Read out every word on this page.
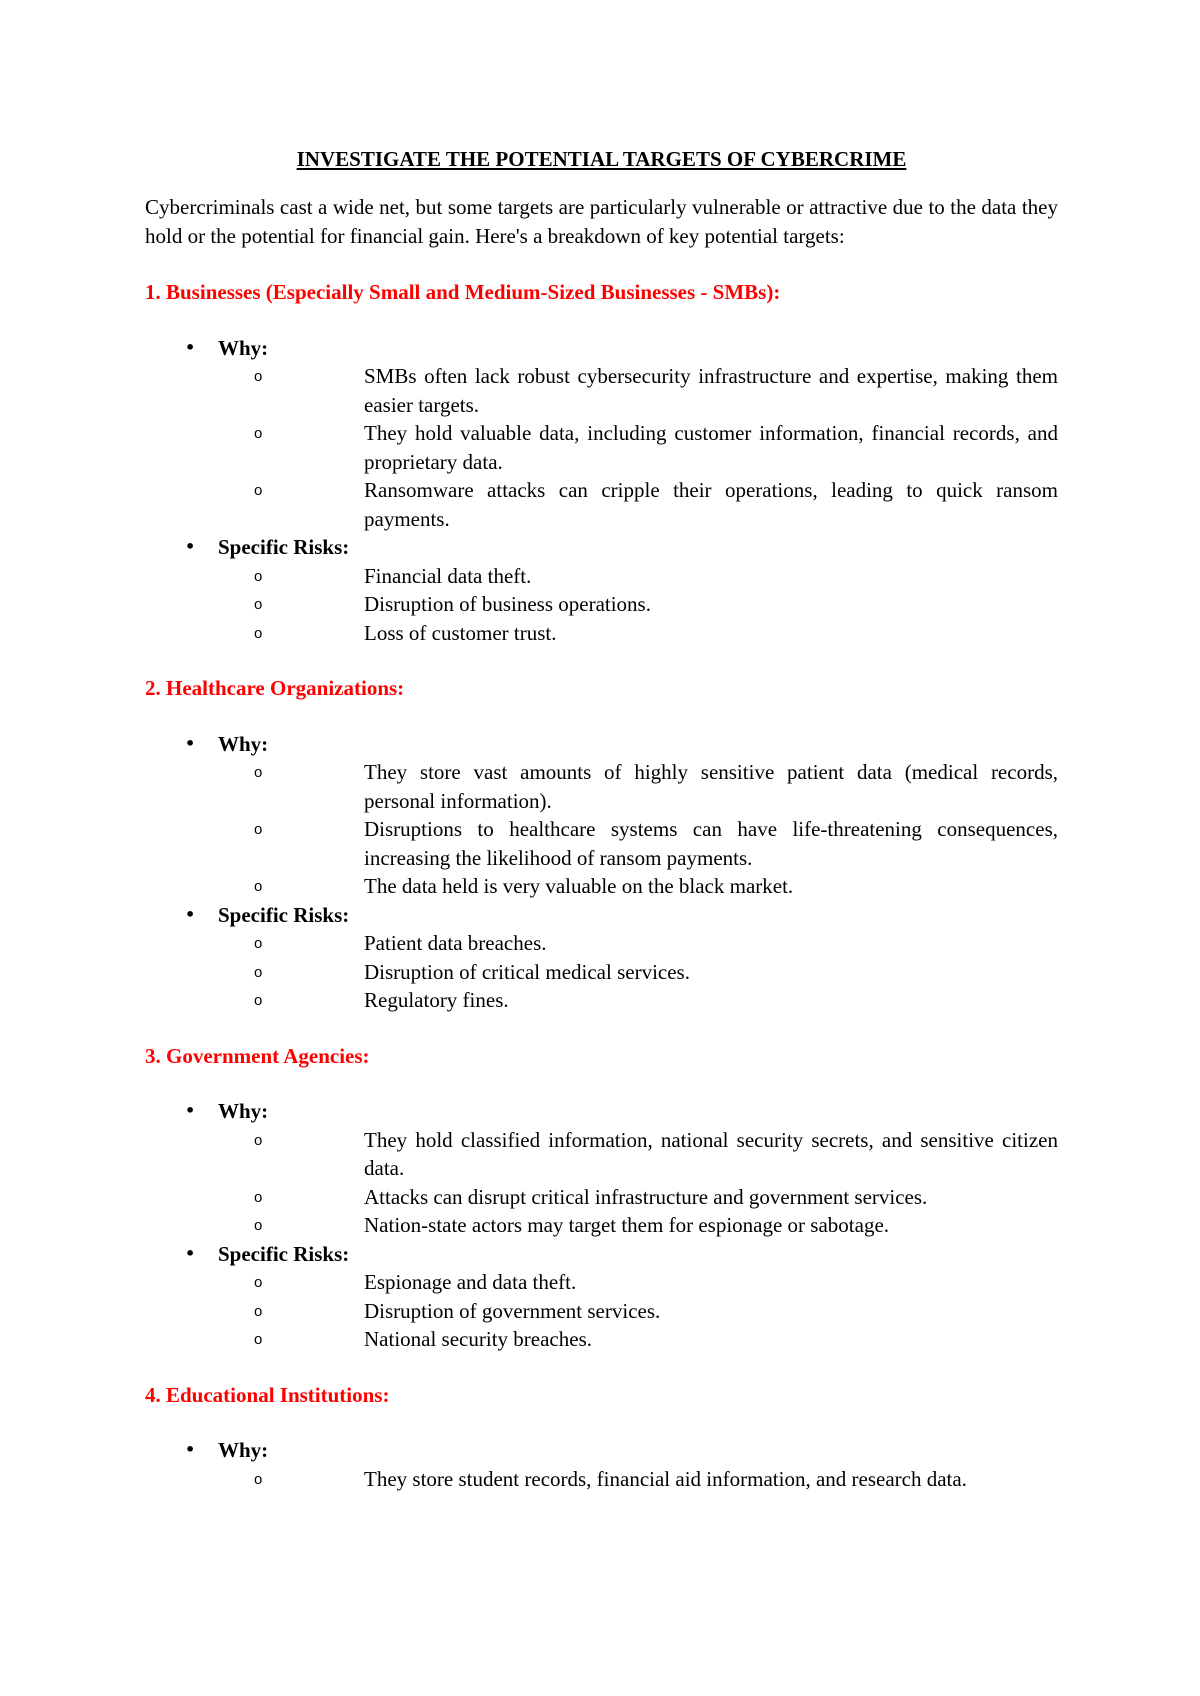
INVESTIGATE THE POTENTIAL TARGETS OF CYBERCRIME
Cybercriminals cast a wide net, but some targets are particularly vulnerable or attractive due to the data they hold or the potential for financial gain. Here's a breakdown of key potential targets:
1. Businesses (Especially Small and Medium-Sized Businesses - SMBs):
• Why:
o	SMBs often lack robust cybersecurity infrastructure and expertise, making them easier targets.
o	They hold valuable data, including customer information, financial records, and proprietary data.
o	Ransomware attacks can cripple their operations, leading to quick ransom payments.
• Specific Risks:
o	Financial data theft.
o	Disruption of business operations.
o	Loss of customer trust.
2. Healthcare Organizations:
• Why:
o	They store vast amounts of highly sensitive patient data (medical records, personal information).
o	Disruptions to healthcare systems can have life-threatening consequences, increasing the likelihood of ransom payments.
o	The data held is very valuable on the black market.
• Specific Risks:
o	Patient data breaches.
o	Disruption of critical medical services.
o	Regulatory fines.
3. Government Agencies:
• Why:
o	They hold classified information, national security secrets, and sensitive citizen data.
o	Attacks can disrupt critical infrastructure and government services.
o	Nation-state actors may target them for espionage or sabotage.
• Specific Risks:
o	Espionage and data theft.
o	Disruption of government services.
o	National security breaches.
4. Educational Institutions:
• Why:
o	They store student records, financial aid information, and research data.
